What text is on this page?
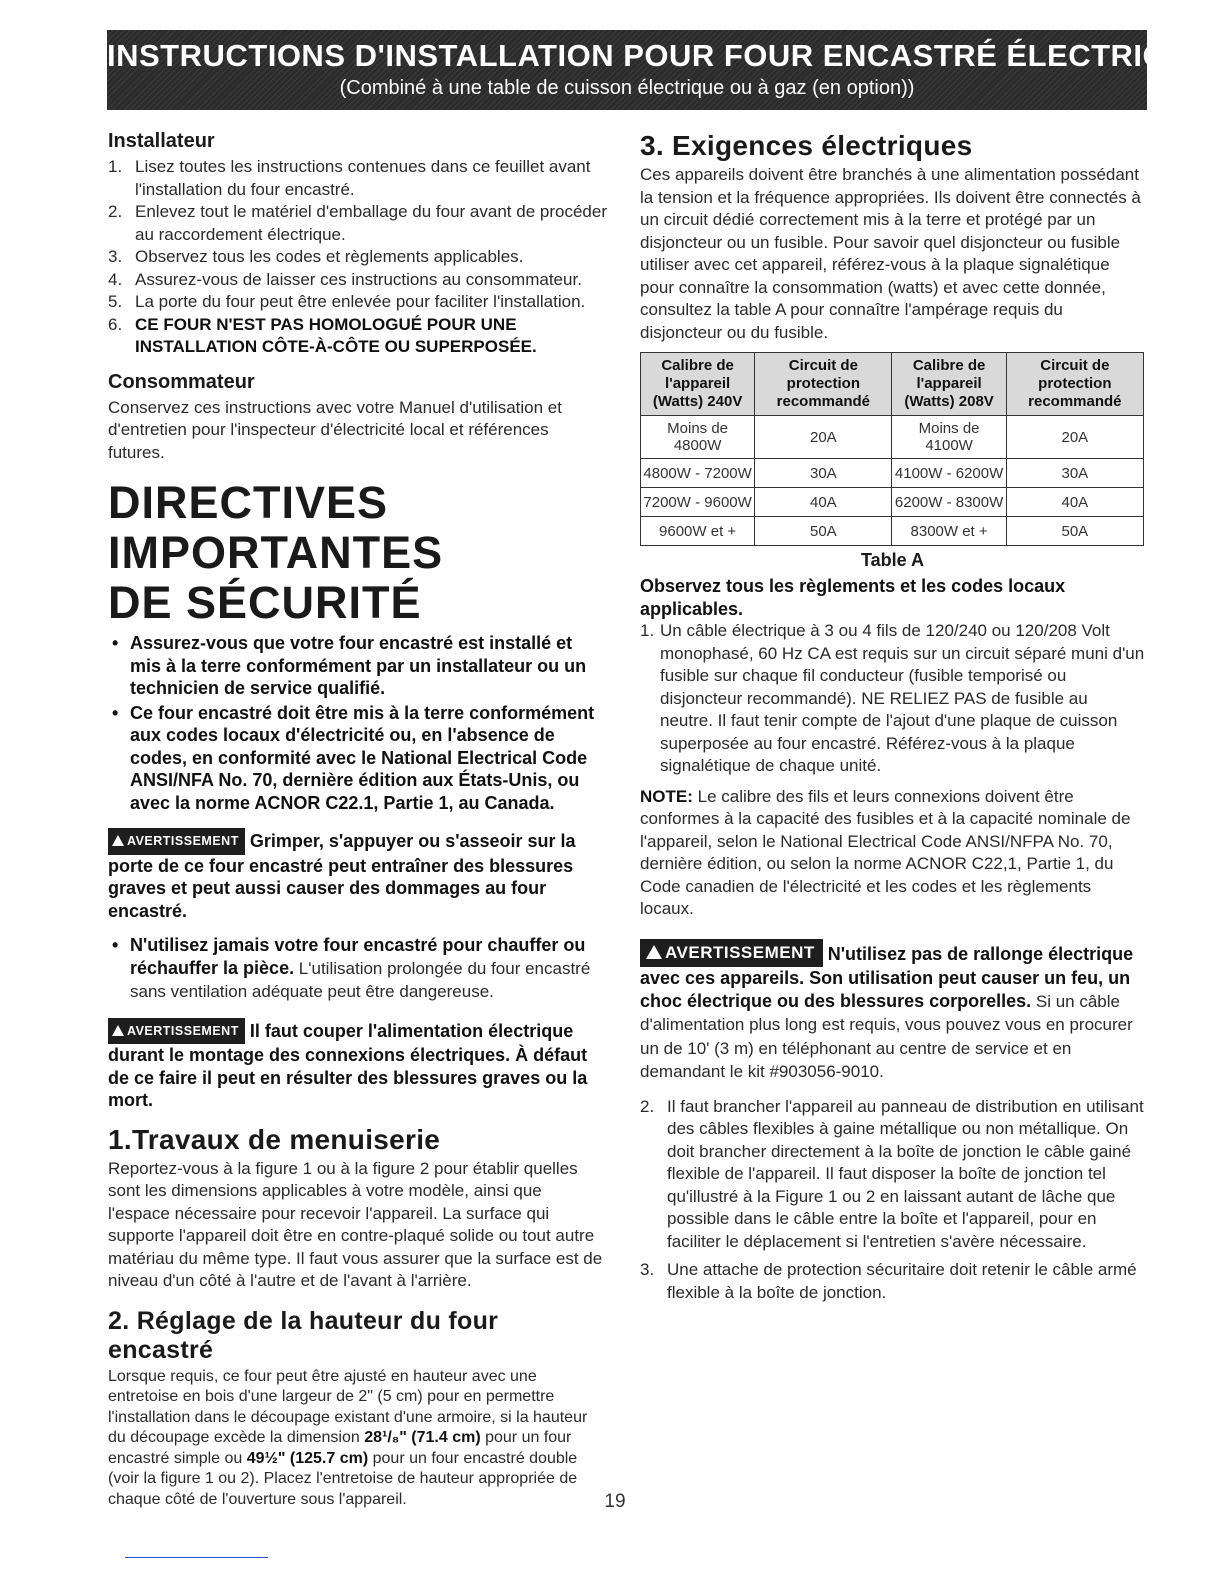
INSTRUCTIONS D'INSTALLATION POUR FOUR ENCASTRÉ ÉLECTRIQUE
(Combiné à une table de cuisson électrique ou à gaz (en option))
Installateur
1. Lisez toutes les instructions contenues dans ce feuillet avant l'installation du four encastré.
2. Enlevez tout le matériel d'emballage du four avant de procéder au raccordement électrique.
3. Observez tous les codes et règlements applicables.
4. Assurez-vous de laisser ces instructions au consommateur.
5. La porte du four peut être enlevée pour faciliter l'installation.
6. CE FOUR N'EST PAS HOMOLOGUÉ POUR UNE INSTALLATION CÔTE-À-CÔTE OU SUPERPOSÉE.
Consommateur
Conservez ces instructions avec votre Manuel d'utilisation et d'entretien pour l'inspecteur d'électricité local et références futures.
DIRECTIVES IMPORTANTES
DE SÉCURITÉ
• Assurez-vous que votre four encastré est installé et mis à la terre conformément par un installateur ou un technicien de service qualifié.
• Ce four encastré doit être mis à la terre conformément aux codes locaux d'électricité ou, en l'absence de codes, en conformité avec le National Electrical Code ANSI/NFA No. 70, dernière édition aux États-Unis, ou avec la norme ACNOR C22.1, Partie 1, au Canada.
AVERTISSEMENT Grimper, s'appuyer ou s'asseoir sur la porte de ce four encastré peut entraîner des blessures graves et peut aussi causer des dommages au four encastré.
• N'utilisez jamais votre four encastré pour chauffer ou réchauffer la pièce. L'utilisation prolongée du four encastré sans ventilation adéquate peut être dangereuse.
AVERTISSEMENT Il faut couper l'alimentation électrique durant le montage des connexions électriques. À défaut de ce faire il peut en résulter des blessures graves ou la mort.
1.Travaux de menuiserie
Reportez-vous à la figure 1 ou à la figure 2 pour établir quelles sont les dimensions applicables à votre modèle, ainsi que l'espace nécessaire pour recevoir l'appareil. La surface qui supporte l'appareil doit être en contre-plaqué solide ou tout autre matériau du même type. Il faut vous assurer que la surface est de niveau d'un côté à l'autre et de l'avant à l'arrière.
2. Réglage de la hauteur du four encastré
Lorsque requis, ce four peut être ajusté en hauteur avec une entretoise en bois d'une largeur de 2" (5 cm) pour en permettre l'installation dans le découpage existant d'une armoire, si la hauteur du découpage excède la dimension 28¹/₈" (71.4 cm) pour un four encastré simple ou 49½" (125.7 cm) pour un four encastré double (voir la figure 1 ou 2). Placez l'entretoise de hauteur appropriée de chaque côté de l'ouverture sous l'appareil.
3. Exigences électriques
Ces appareils doivent être branchés à une alimentation possédant la tension et la fréquence appropriées. Ils doivent être connectés à un circuit dédié correctement mis à la terre et protégé par un disjoncteur ou un fusible. Pour savoir quel disjoncteur ou fusible utiliser avec cet appareil, référez-vous à la plaque signalétique pour connaître la consommation (watts) et avec cette donnée, consultez la table A pour connaître l'ampérage requis du disjoncteur ou du fusible.
Calibre de l'appareil (Watts) 240V	Circuit de protection recommandé	Calibre de l'appareil (Watts) 208V	Circuit de protection recommandé
Moins de 4800W	20A	Moins de 4100W	20A
4800W - 7200W	30A	4100W - 6200W	30A
7200W - 9600W	40A	6200W - 8300W	40A
9600W et +	50A	8300W et +	50A
Table A
Observez tous les règlements et les codes locaux applicables.
1. Un câble électrique à 3 ou 4 fils de 120/240 ou 120/208 Volt monophasé, 60 Hz CA est requis sur un circuit séparé muni d'un fusible sur chaque fil conducteur (fusible temporisé ou disjoncteur recommandé). NE RELIEZ PAS de fusible au neutre. Il faut tenir compte de l'ajout d'une plaque de cuisson superposée au four encastré. Référez-vous à la plaque signalétique de chaque unité.
NOTE: Le calibre des fils et leurs connexions doivent être conformes à la capacité des fusibles et à la capacité nominale de l'appareil, selon le National Electrical Code ANSI/NFPA No. 70, dernière édition, ou selon la norme ACNOR C22,1, Partie 1, du Code canadien de l'électricité et les codes et les règlements locaux.
AVERTISSEMENT N'utilisez pas de rallonge électrique avec ces appareils. Son utilisation peut causer un feu, un choc électrique ou des blessures corporelles. Si un câble d'alimentation plus long est requis, vous pouvez vous en procurer un de 10' (3 m) en téléphonant au centre de service et en demandant le kit #903056-9010.
2. Il faut brancher l'appareil au panneau de distribution en utilisant des câbles flexibles à gaine métallique ou non métallique. On doit brancher directement à la boîte de jonction le câble gainé flexible de l'appareil. Il faut disposer la boîte de jonction tel qu'illustré à la Figure 1 ou 2 en laissant autant de lâche que possible dans le câble entre la boîte et l'appareil, pour en faciliter le déplacement si l'entretien s'avère nécessaire.
3. Une attache de protection sécuritaire doit retenir le câble armé flexible à la boîte de jonction.
19
